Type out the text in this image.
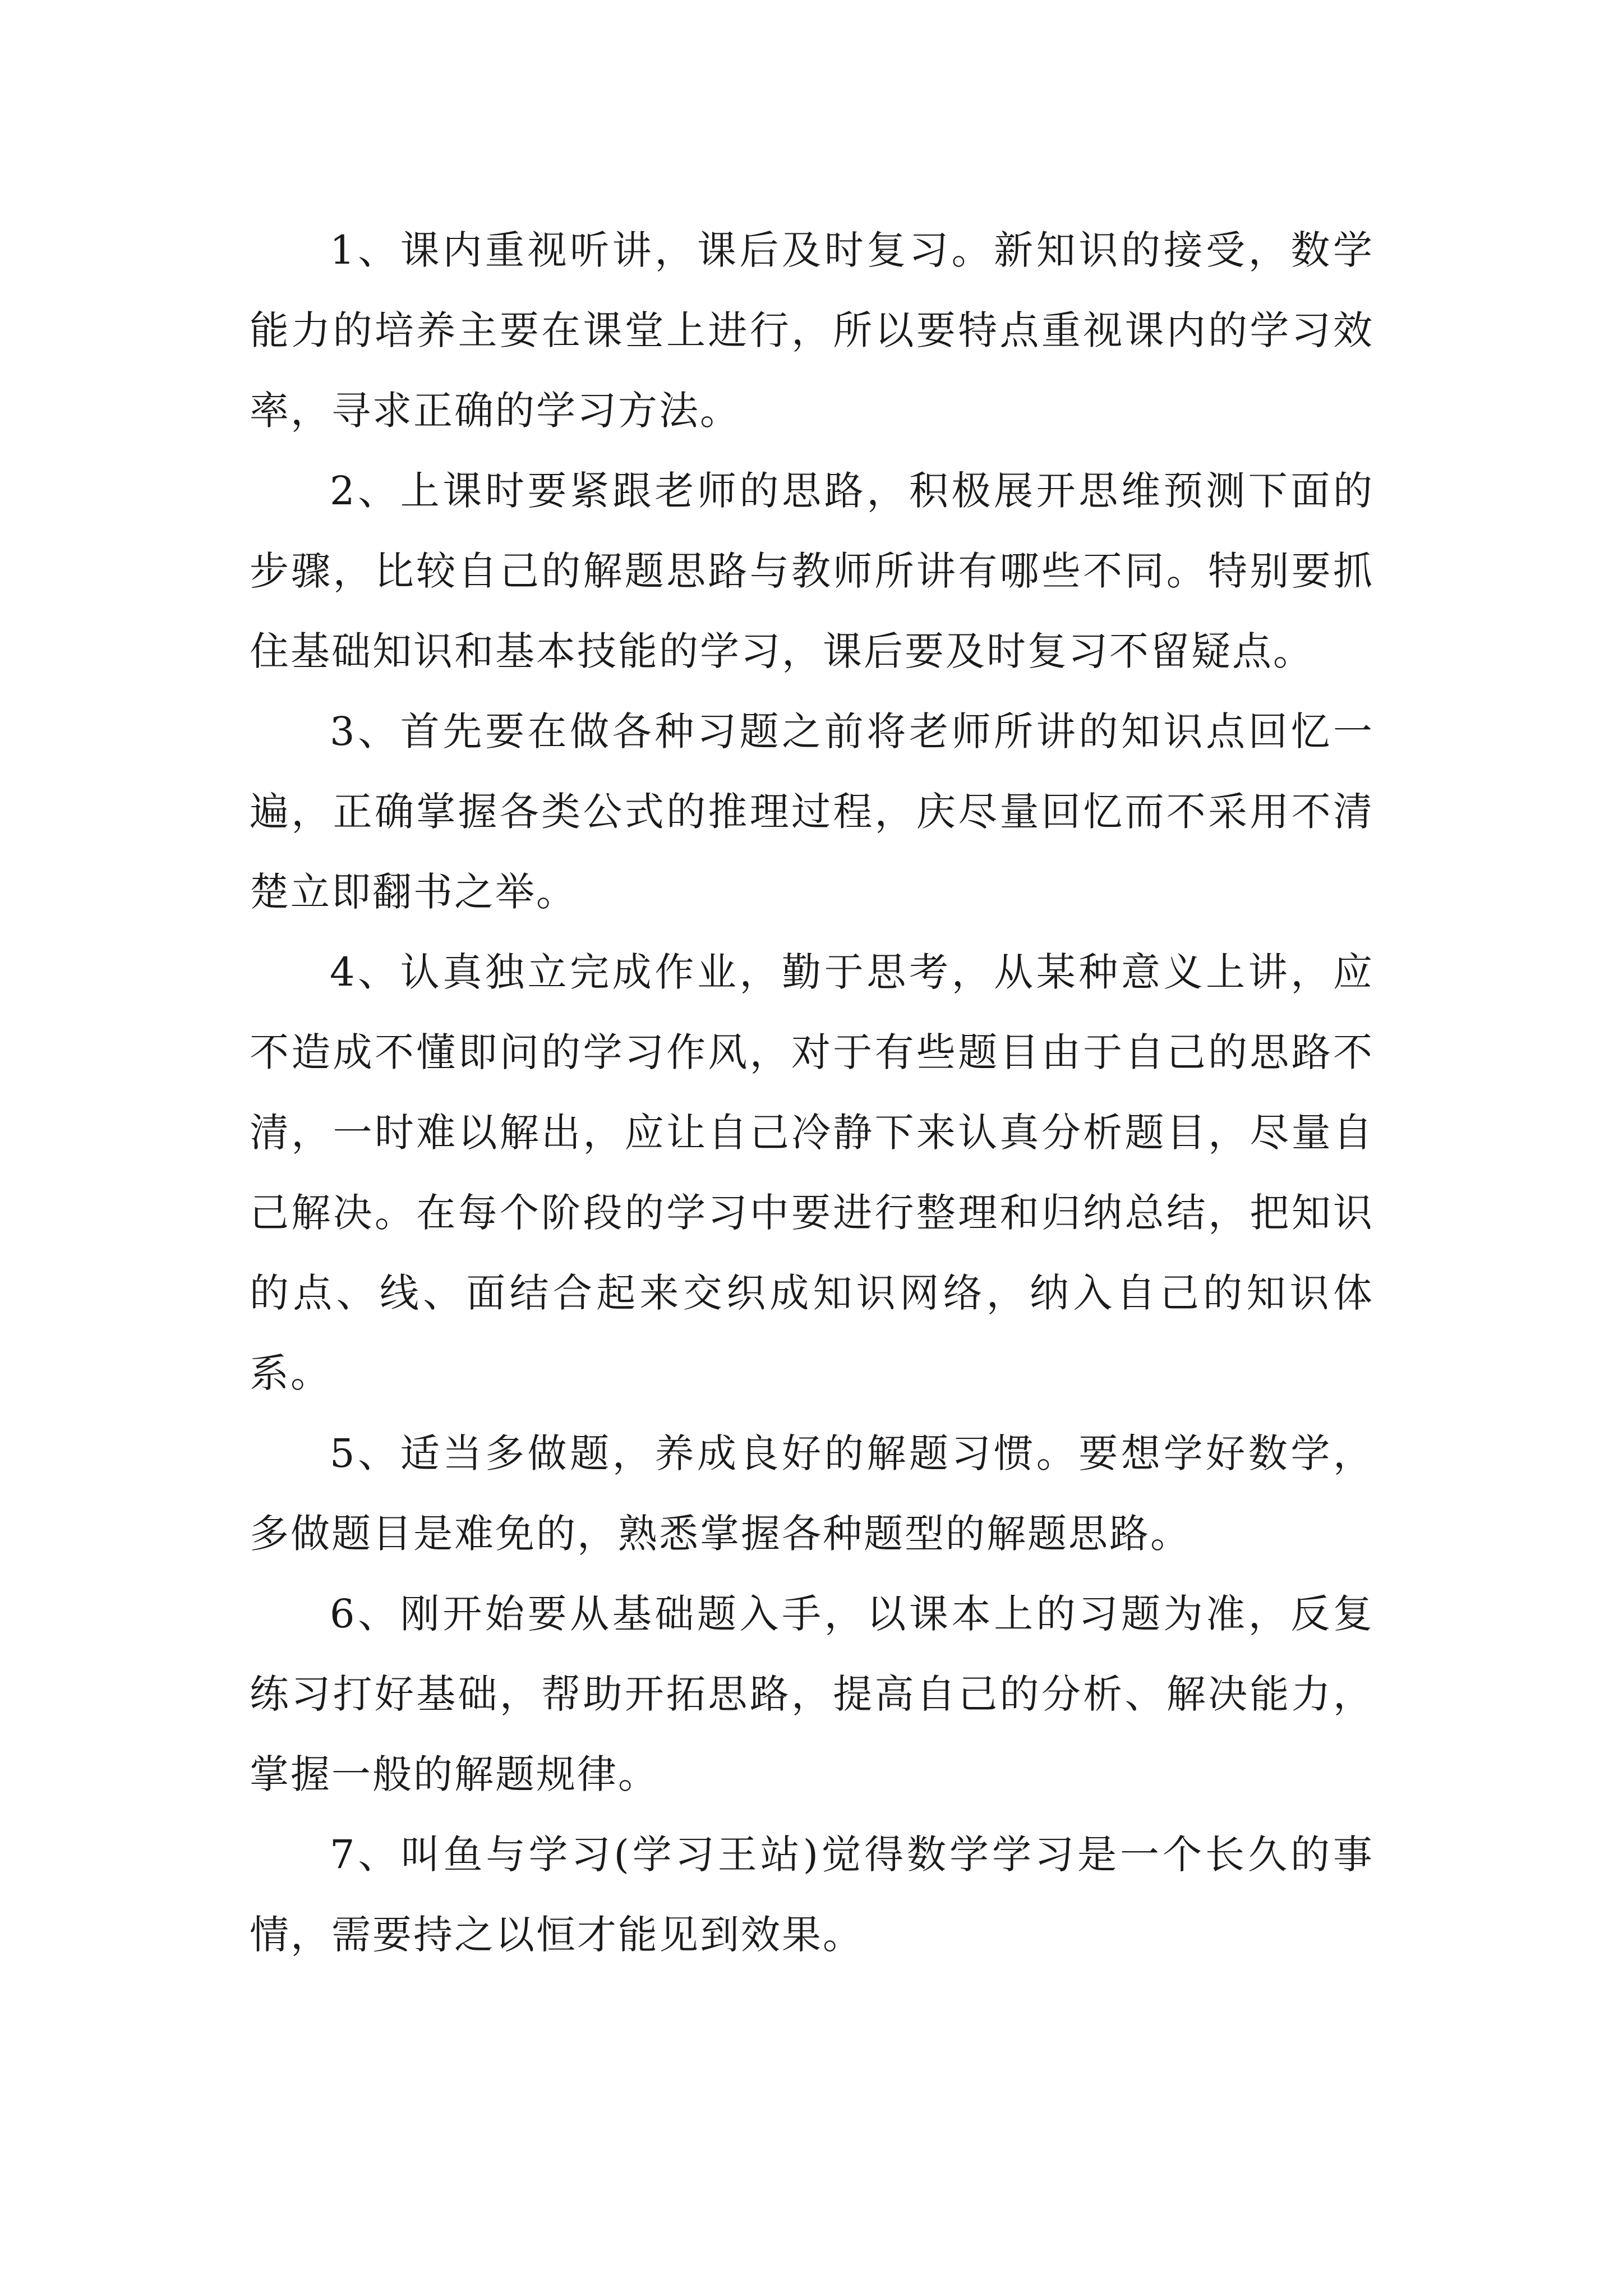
1、课内重视听讲，课后及时复习。新知识的接受，数学能力的培养主要在课堂上进行，所以要特点重视课内的学习效率，寻求正确的学习方法。

2、上课时要紧跟老师的思路，积极展开思维预测下面的步骤，比较自己的解题思路与教师所讲有哪些不同。特别要抓住基础知识和基本技能的学习，课后要及时复习不留疑点。

3、首先要在做各种习题之前将老师所讲的知识点回忆一遍，正确掌握各类公式的推理过程，庆尽量回忆而不采用不清楚立即翻书之举。

4、认真独立完成作业，勤于思考，从某种意义上讲，应不造成不懂即问的学习作风，对于有些题目由于自己的思路不清，一时难以解出，应让自己冷静下来认真分析题目，尽量自己解决。在每个阶段的学习中要进行整理和归纳总结，把知识的点、线、面结合起来交织成知识网络，纳入自己的知识体系。

5、适当多做题，养成良好的解题习惯。要想学好数学，多做题目是难免的，熟悉掌握各种题型的解题思路。

6、刚开始要从基础题入手，以课本上的习题为准，反复练习打好基础，帮助开拓思路，提高自己的分析、解决能力，掌握一般的解题规律。

7、叫鱼与学习(学习王站)觉得数学学习是一个长久的事情，需要持之以恒才能见到效果。
